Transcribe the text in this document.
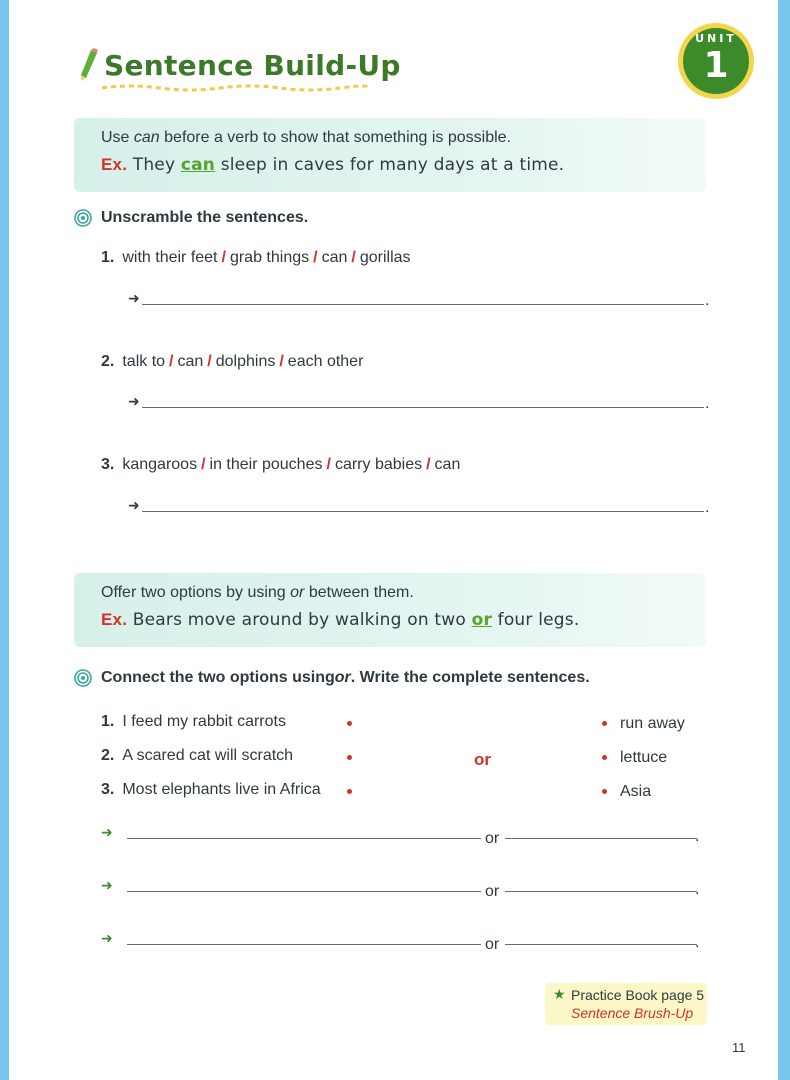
Sentence Build-Up
UNIT
1
Use can before a verb to show that something is possible.
Ex. They can sleep in caves for many days at a time.
Unscramble the sentences.
1. with their feet / grab things / can / gorillas
➜	.
2. talk to / can / dolphins / each other
➜	.
3. kangaroos / in their pouches / carry babies / can
➜	.
Offer two options by using or between them.
Ex. Bears move around by walking on two or four legs.
Connect the two options using or . Write the complete sentences.
1. I feed my rabbit carrots
2. A scared cat will scratch
3. Most elephants live in Africa
or
run away
lettuce
Asia
➜	or	.
➜	or	.
➜	or	.
★ Practice Book page 5
Sentence Brush-Up
11
